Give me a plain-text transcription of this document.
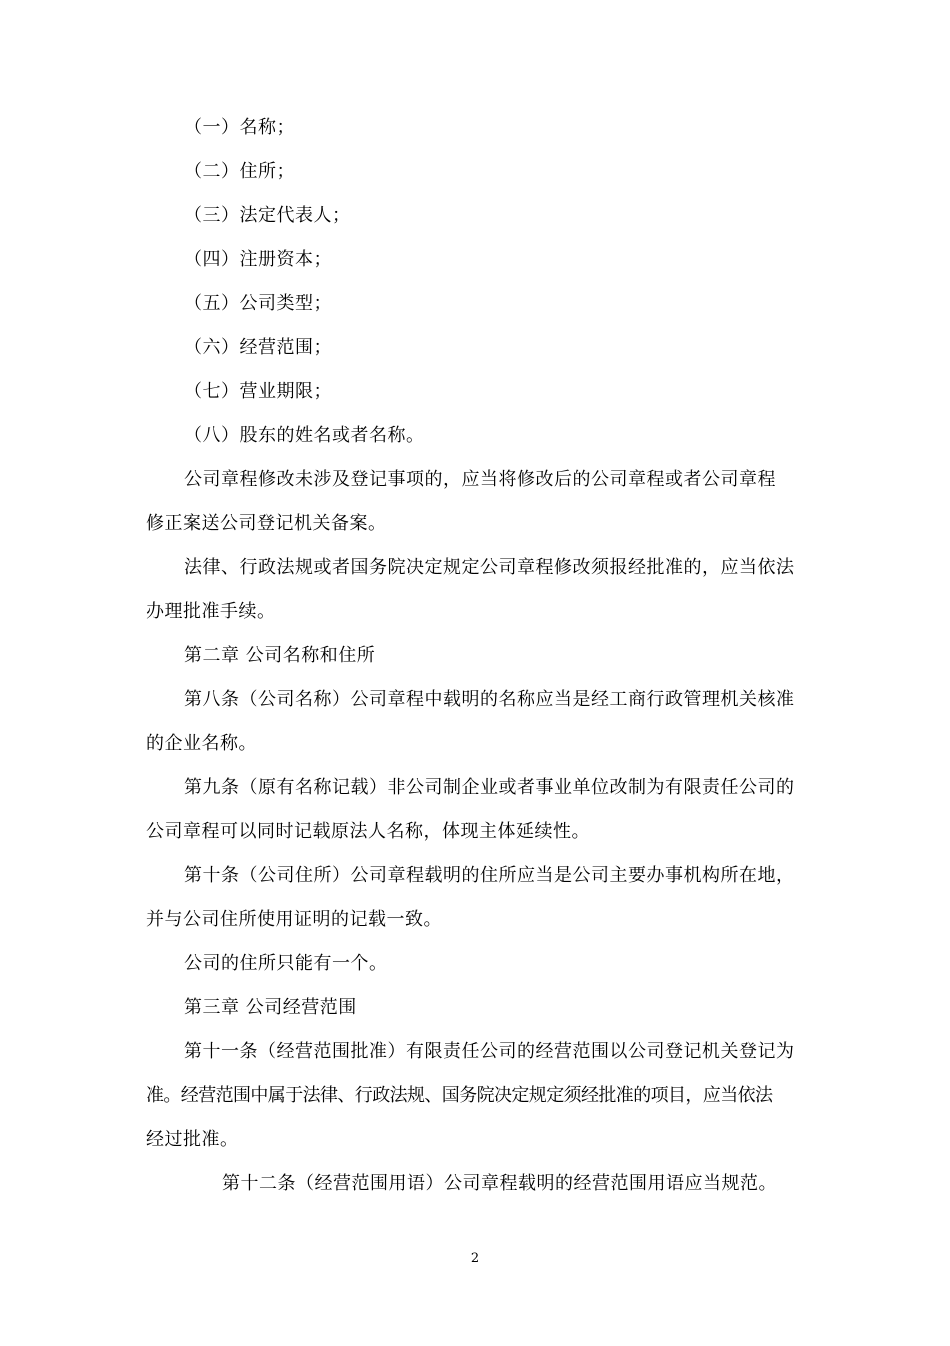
（一）名称；
（二）住所；
（三）法定代表人；
（四）注册资本；
（五）公司类型；
（六）经营范围；
（七）营业期限；
（八）股东的姓名或者名称。
公司章程修改未涉及登记事项的，应当将修改后的公司章程或者公司章程
修正案送公司登记机关备案。
法律、行政法规或者国务院决定规定公司章程修改须报经批准的，应当依法
办理批准手续。
第二章 公司名称和住所
第八条（公司名称）公司章程中载明的名称应当是经工商行政管理机关核准
的企业名称。
第九条（原有名称记载）非公司制企业或者事业单位改制为有限责任公司的
公司章程可以同时记载原法人名称，体现主体延续性。
第十条（公司住所）公司章程载明的住所应当是公司主要办事机构所在地，
并与公司住所使用证明的记载一致。
公司的住所只能有一个。
第三章 公司经营范围
第十一条（经营范围批准）有限责任公司的经营范围以公司登记机关登记为
准。经营范围中属于法律、行政法规、国务院决定规定须经批准的项目，应当依法
经过批准。
第十二条（经营范围用语）公司章程载明的经营范围用语应当规范。
2
